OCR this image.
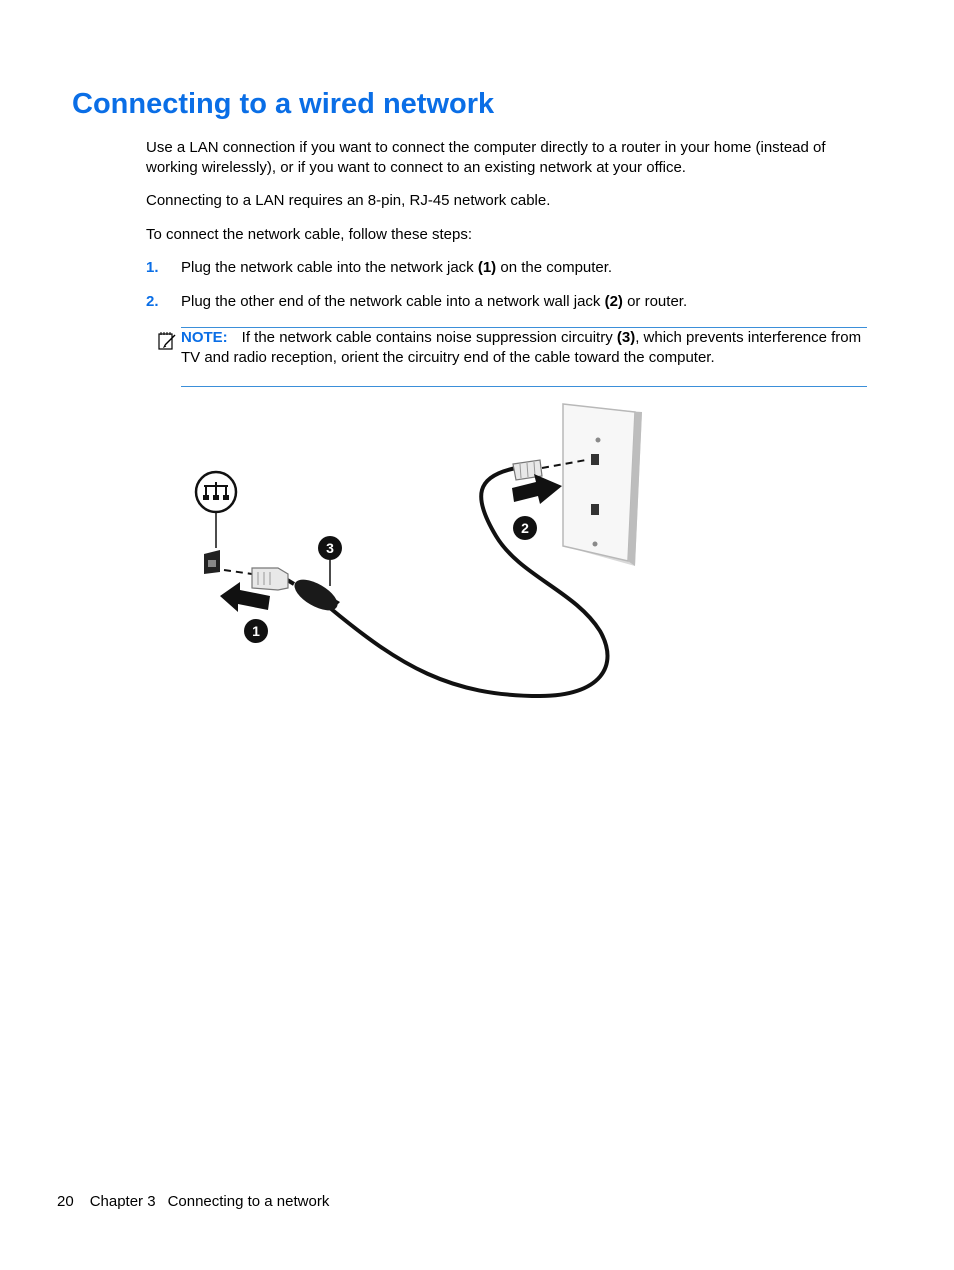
Connecting to a wired network

Use a LAN connection if you want to connect the computer directly to a router in your home (instead of working wirelessly), or if you want to connect to an existing network at your office.

Connecting to a LAN requires an 8-pin, RJ-45 network cable.

To connect the network cable, follow these steps:

1. Plug the network cable into the network jack (1) on the computer.
2. Plug the other end of the network cable into a network wall jack (2) or router.
NOTE: If the network cable contains noise suppression circuitry (3), which prevents interference from TV and radio reception, orient the circuitry end of the cable toward the computer.
1
2
3
20 Chapter 3 Connecting to a network
